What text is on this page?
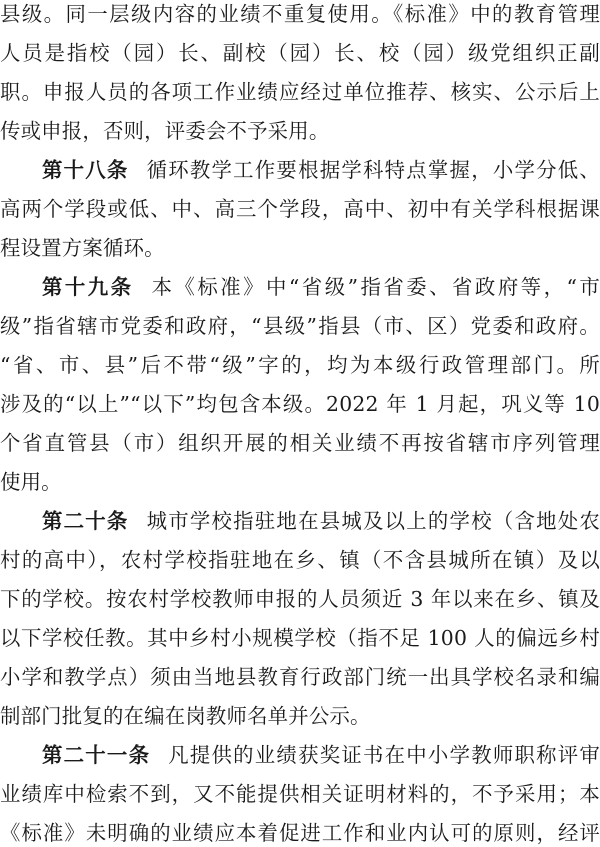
县级。同一层级内容的业绩不重复使用。《标准》中的教育管理
人员是指校（园）长、副校（园）长、校（园）级党组织正副
职。申报人员的各项工作业绩应经过单位推荐、核实、公示后上
传或申报，否则，评委会不予采用。
第十八条 循环教学工作要根据学科特点掌握，小学分低、
高两个学段或低、中、高三个学段，高中、初中有关学科根据课
程设置方案循环。
第十九条 本《标准》中“省级”指省委、省政府等，“市
级”指省辖市党委和政府，“县级”指县（市、区）党委和政府。
“省、市、县”后不带“级”字的，均为本级行政管理部门。所
涉及的“以上”“以下”均包含本级。2022 年 1 月起，巩义等 10
个省直管县（市）组织开展的相关业绩不再按省辖市序列管理
使用。
第二十条 城市学校指驻地在县城及以上的学校（含地处农
村的高中），农村学校指驻地在乡、镇（不含县城所在镇）及以
下的学校。按农村学校教师申报的人员须近 3 年以来在乡、镇及
以下学校任教。其中乡村小规模学校（指不足 100 人的偏远乡村
小学和教学点）须由当地县教育行政部门统一出具学校名录和编
制部门批复的在编在岗教师名单并公示。
第二十一条 凡提供的业绩获奖证书在中小学教师职称评审
业绩库中检索不到，又不能提供相关证明材料的，不予采用；本
《标准》未明确的业绩应本着促进工作和业内认可的原则，经评
